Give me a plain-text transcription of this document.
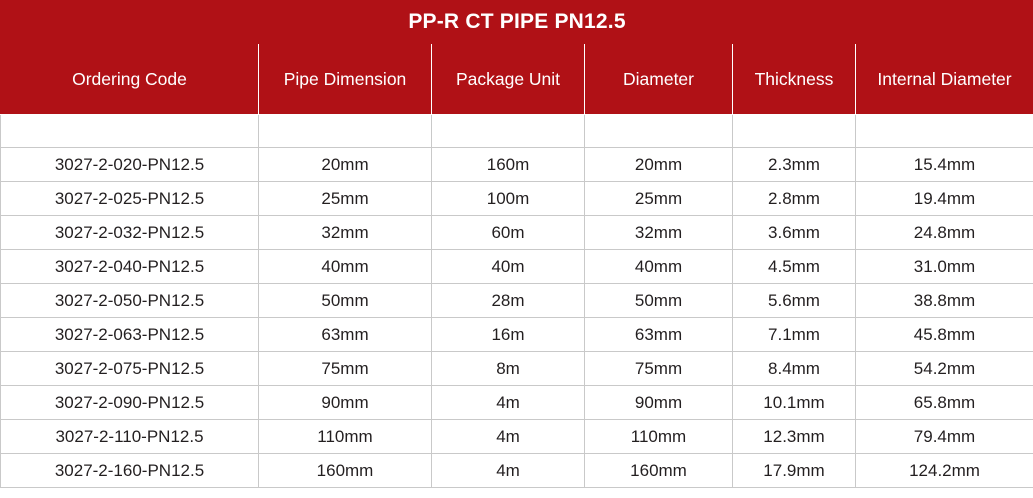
PP-R CT PIPE PN12.5					
Ordering Code	Pipe Dimension	Package Unit	Diameter	Thickness	Internal Diameter

3027-2-020-PN12.5	20mm	160m	20mm	2.3mm	15.4mm
3027-2-025-PN12.5	25mm	100m	25mm	2.8mm	19.4mm
3027-2-032-PN12.5	32mm	60m	32mm	3.6mm	24.8mm
3027-2-040-PN12.5	40mm	40m	40mm	4.5mm	31.0mm
3027-2-050-PN12.5	50mm	28m	50mm	5.6mm	38.8mm
3027-2-063-PN12.5	63mm	16m	63mm	7.1mm	45.8mm
3027-2-075-PN12.5	75mm	8m	75mm	8.4mm	54.2mm
3027-2-090-PN12.5	90mm	4m	90mm	10.1mm	65.8mm
3027-2-110-PN12.5	110mm	4m	110mm	12.3mm	79.4mm
3027-2-160-PN12.5	160mm	4m	160mm	17.9mm	124.2mm
